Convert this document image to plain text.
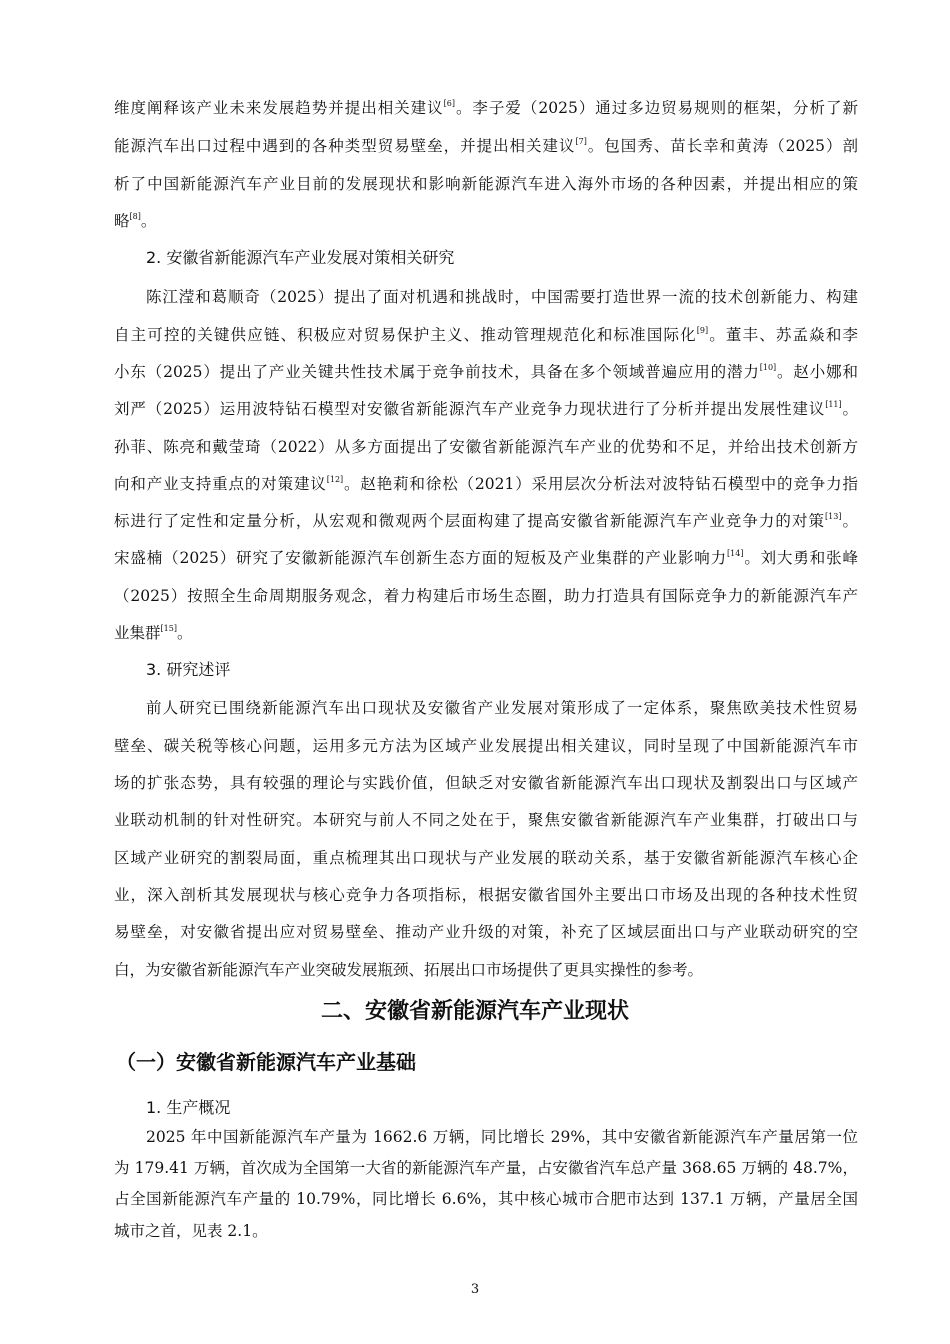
维度阐释该产业未来发展趋势并提出相关建议[6]。李子爱（2025）通过多边贸易规则的框架，分析了新
能源汽车出口过程中遇到的各种类型贸易壁垒，并提出相关建议[7]。包国秀、苗长幸和黄涛（2025）剖
析了中国新能源汽车产业目前的发展现状和影响新能源汽车进入海外市场的各种因素，并提出相应的策
略[8]。
2. 安徽省新能源汽车产业发展对策相关研究
陈江滢和葛顺奇（2025）提出了面对机遇和挑战时，中国需要打造世界一流的技术创新能力、构建
自主可控的关键供应链、积极应对贸易保护主义、推动管理规范化和标准国际化[9]。董丰、苏孟焱和李
小东（2025）提出了产业关键共性技术属于竞争前技术，具备在多个领域普遍应用的潜力[10]。赵小娜和
刘严（2025）运用波特钻石模型对安徽省新能源汽车产业竞争力现状进行了分析并提出发展性建议[11]。
孙菲、陈亮和戴莹琦（2022）从多方面提出了安徽省新能源汽车产业的优势和不足，并给出技术创新方
向和产业支持重点的对策建议[12]。赵艳莉和徐松（2021）采用层次分析法对波特钻石模型中的竞争力指
标进行了定性和定量分析，从宏观和微观两个层面构建了提高安徽省新能源汽车产业竞争力的对策[13]。
宋盛楠（2025）研究了安徽新能源汽车创新生态方面的短板及产业集群的产业影响力[14]。刘大勇和张峰
（2025）按照全生命周期服务观念，着力构建后市场生态圈，助力打造具有国际竞争力的新能源汽车产
业集群[15]。
3. 研究述评
前人研究已围绕新能源汽车出口现状及安徽省产业发展对策形成了一定体系，聚焦欧美技术性贸易
壁垒、碳关税等核心问题，运用多元方法为区域产业发展提出相关建议，同时呈现了中国新能源汽车市
场的扩张态势，具有较强的理论与实践价值，但缺乏对安徽省新能源汽车出口现状及割裂出口与区域产
业联动机制的针对性研究。本研究与前人不同之处在于，聚焦安徽省新能源汽车产业集群，打破出口与
区域产业研究的割裂局面，重点梳理其出口现状与产业发展的联动关系，基于安徽省新能源汽车核心企
业，深入剖析其发展现状与核心竞争力各项指标，根据安徽省国外主要出口市场及出现的各种技术性贸
易壁垒，对安徽省提出应对贸易壁垒、推动产业升级的对策，补充了区域层面出口与产业联动研究的空
白，为安徽省新能源汽车产业突破发展瓶颈、拓展出口市场提供了更具实操性的参考。
二、安徽省新能源汽车产业现状
（一）安徽省新能源汽车产业基础
1. 生产概况
2025 年中国新能源汽车产量为 1662.6 万辆，同比增长 29%，其中安徽省新能源汽车产量居第一位
为 179.41 万辆，首次成为全国第一大省的新能源汽车产量，占安徽省汽车总产量 368.65 万辆的 48.7%，
占全国新能源汽车产量的 10.79%，同比增长 6.6%，其中核心城市合肥市达到 137.1 万辆，产量居全国
城市之首，见表 2.1。
3
